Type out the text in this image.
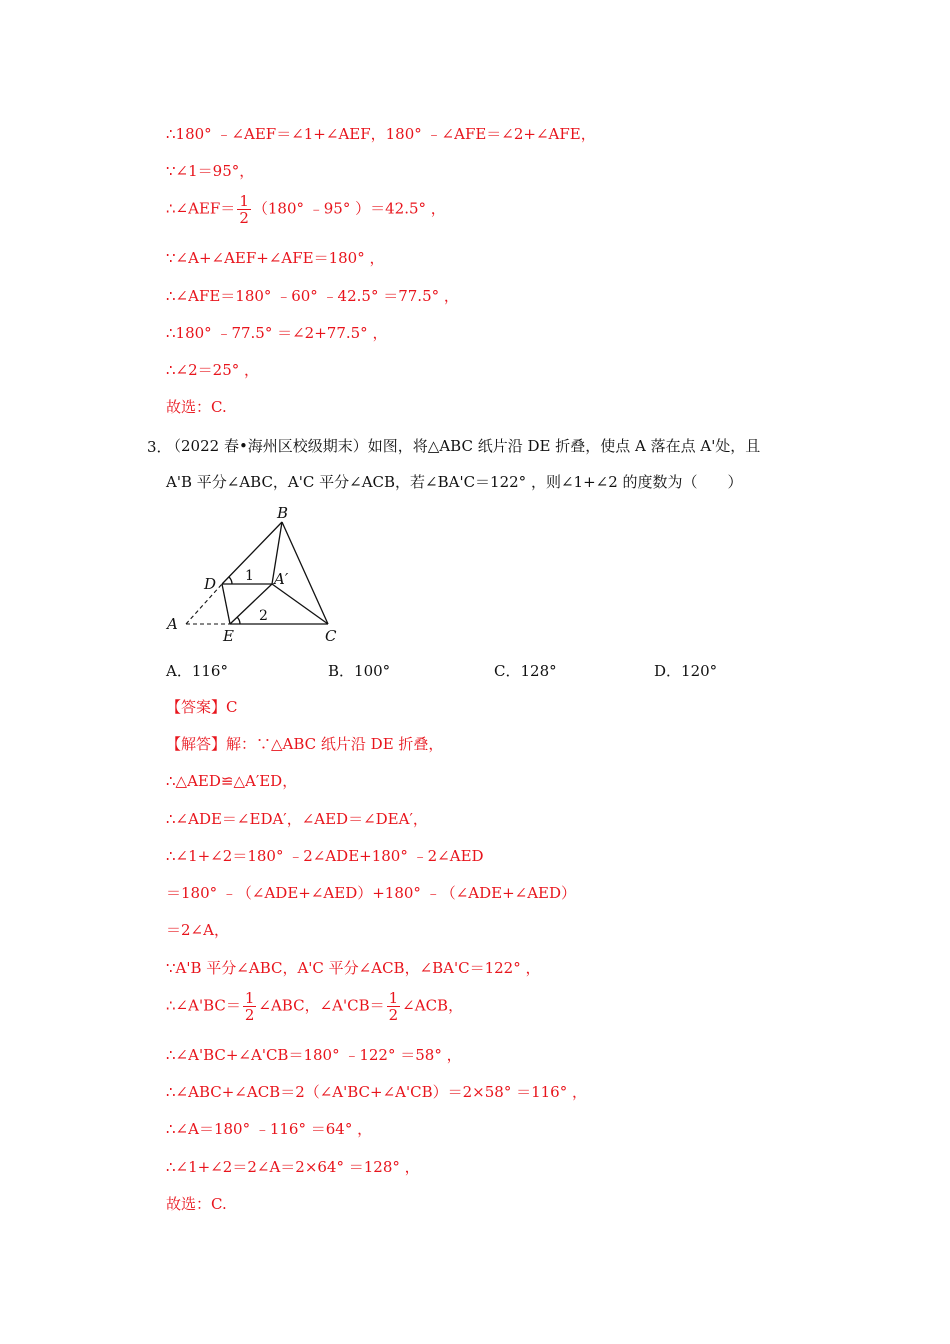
∴180° ﹣∠AEF＝∠1+∠AEF，180° ﹣∠AFE＝∠2+∠AFE，
∵∠1＝95°，
∴∠AEF＝ $\frac{1}{2} (180^\circ$ ﹣95° ）＝42.5° ，
∵∠A+∠AEF+∠AFE＝180° ，
∴∠AFE＝180° ﹣60° ﹣42.5° ＝77.5° ，
∴180° ﹣77.5° ＝∠2+77.5° ，
∴∠2＝25° ，
故选：C.
3．
（2022 春•海州区校级期末）如图，将△ABC 纸片沿 DE 折叠，使点 A 落在点 A'处，且
A'B 平分∠ABC，A'C 平分∠ACB，若∠BA'C＝122° ，则∠1+∠2 的度数为（　　）
B
D	A′
A
E	C
1
2
A．116°	B．100°	C．128°	D．120°
【答案】C
【解答】解：∵△ABC 纸片沿 DE 折叠，
∴△AED≌△A′ED，
∴∠ADE＝∠EDA′，∠AED＝∠DEA′，
∴∠1+∠2＝180° ﹣2∠ADE+180° ﹣2∠AED
＝180° ﹣（∠ADE+∠AED）+180° ﹣（∠ADE+∠AED）
＝2∠A，
∵A'B 平分∠ABC，A'C 平分∠ACB，∠BA'C＝122° ，
∴∠A'BC＝ $\frac{1}{2}$ ∠ABC，∠A'CB＝ $\frac{1}{2}$ ∠ACB，
∴∠A'BC+∠A'CB＝180° ﹣122° ＝58° ，
∴∠ABC+∠ACB＝2（∠A'BC+∠A'CB）＝2×58° ＝116° ，
∴∠A＝180° ﹣116° ＝64° ，
∴∠1+∠2＝2∠A＝2×64° ＝128° ，
故选：C.
